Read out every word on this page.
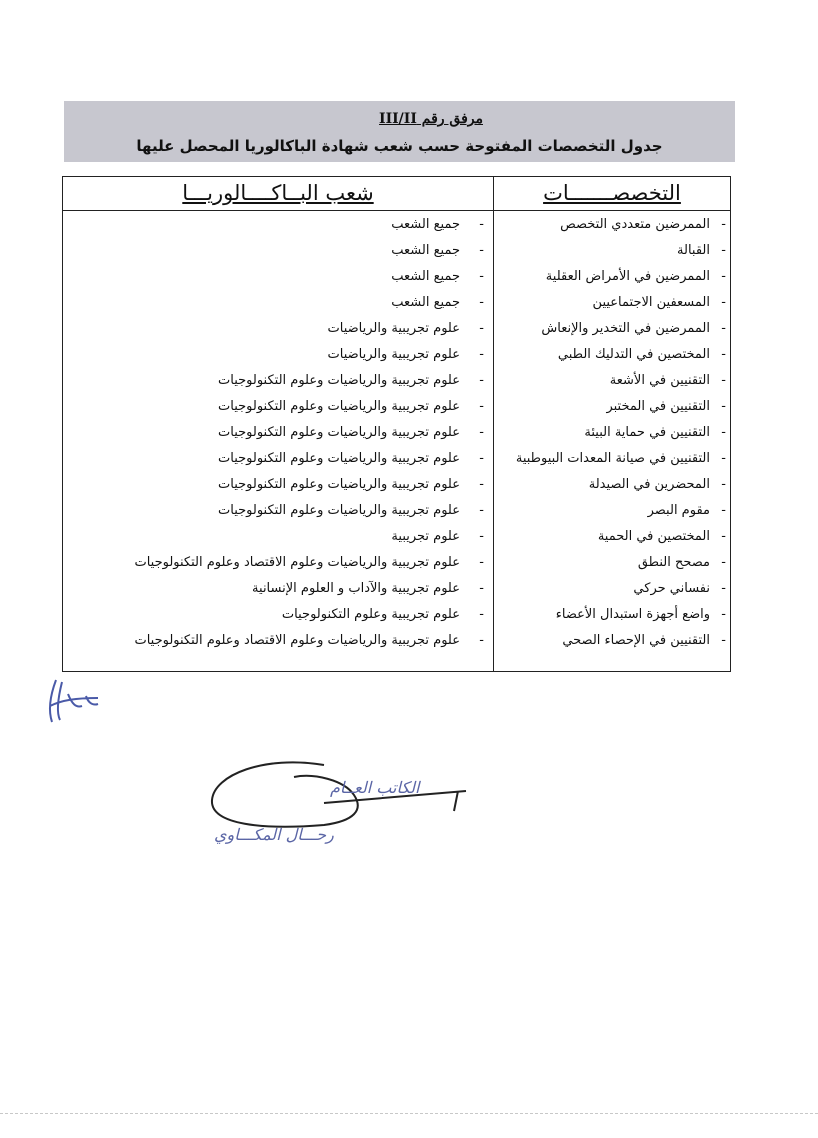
مرفق رقم III/II
جدول التخصصات المفتوحة حسب شعب شهادة الباكالوريا المحصل عليها
التخصصـــــــات
شعب البــاكــــالوريـــا
-
الممرضين متعددي التخصص
-
جميع الشعب
-
القبالة
-
جميع الشعب
-
الممرضين في الأمراض العقلية
-
جميع الشعب
-
المسعفين الاجتماعيين
-
جميع الشعب
-
الممرضين في التخدير والإنعاش
-
علوم تجريبية والرياضيات
-
المختصين في التدليك الطبي
-
علوم تجريبية والرياضيات
-
التقنيين في الأشعة
-
علوم تجريبية والرياضيات وعلوم التكنولوجيات
-
التقنيين في المختبر
-
علوم تجريبية والرياضيات وعلوم التكنولوجيات
-
التقنيين في حماية البيئة
-
علوم تجريبية والرياضيات وعلوم التكنولوجيات
-
التقنيين في صيانة المعدات البيوطبية
-
علوم تجريبية والرياضيات وعلوم التكنولوجيات
-
المحضرين في الصيدلة
-
علوم تجريبية والرياضيات وعلوم التكنولوجيات
-
مقوم البصر
-
علوم تجريبية والرياضيات وعلوم التكنولوجيات
-
المختصين في الحمية
-
علوم تجريبية
-
مصحح النطق
-
علوم تجريبية والرياضيات وعلوم الاقتصاد وعلوم التكنولوجيات
-
نفساني حركي
-
علوم تجريبية والآداب و العلوم الإنسانية
-
واضع أجهزة استبدال الأعضاء
-
علوم تجريبية وعلوم التكنولوجيات
-
التقنيين في الإحصاء الصحي
-
علوم تجريبية والرياضيات وعلوم الاقتصاد وعلوم التكنولوجيات
الكاتب العــام
رحـــال المكـــاوي
